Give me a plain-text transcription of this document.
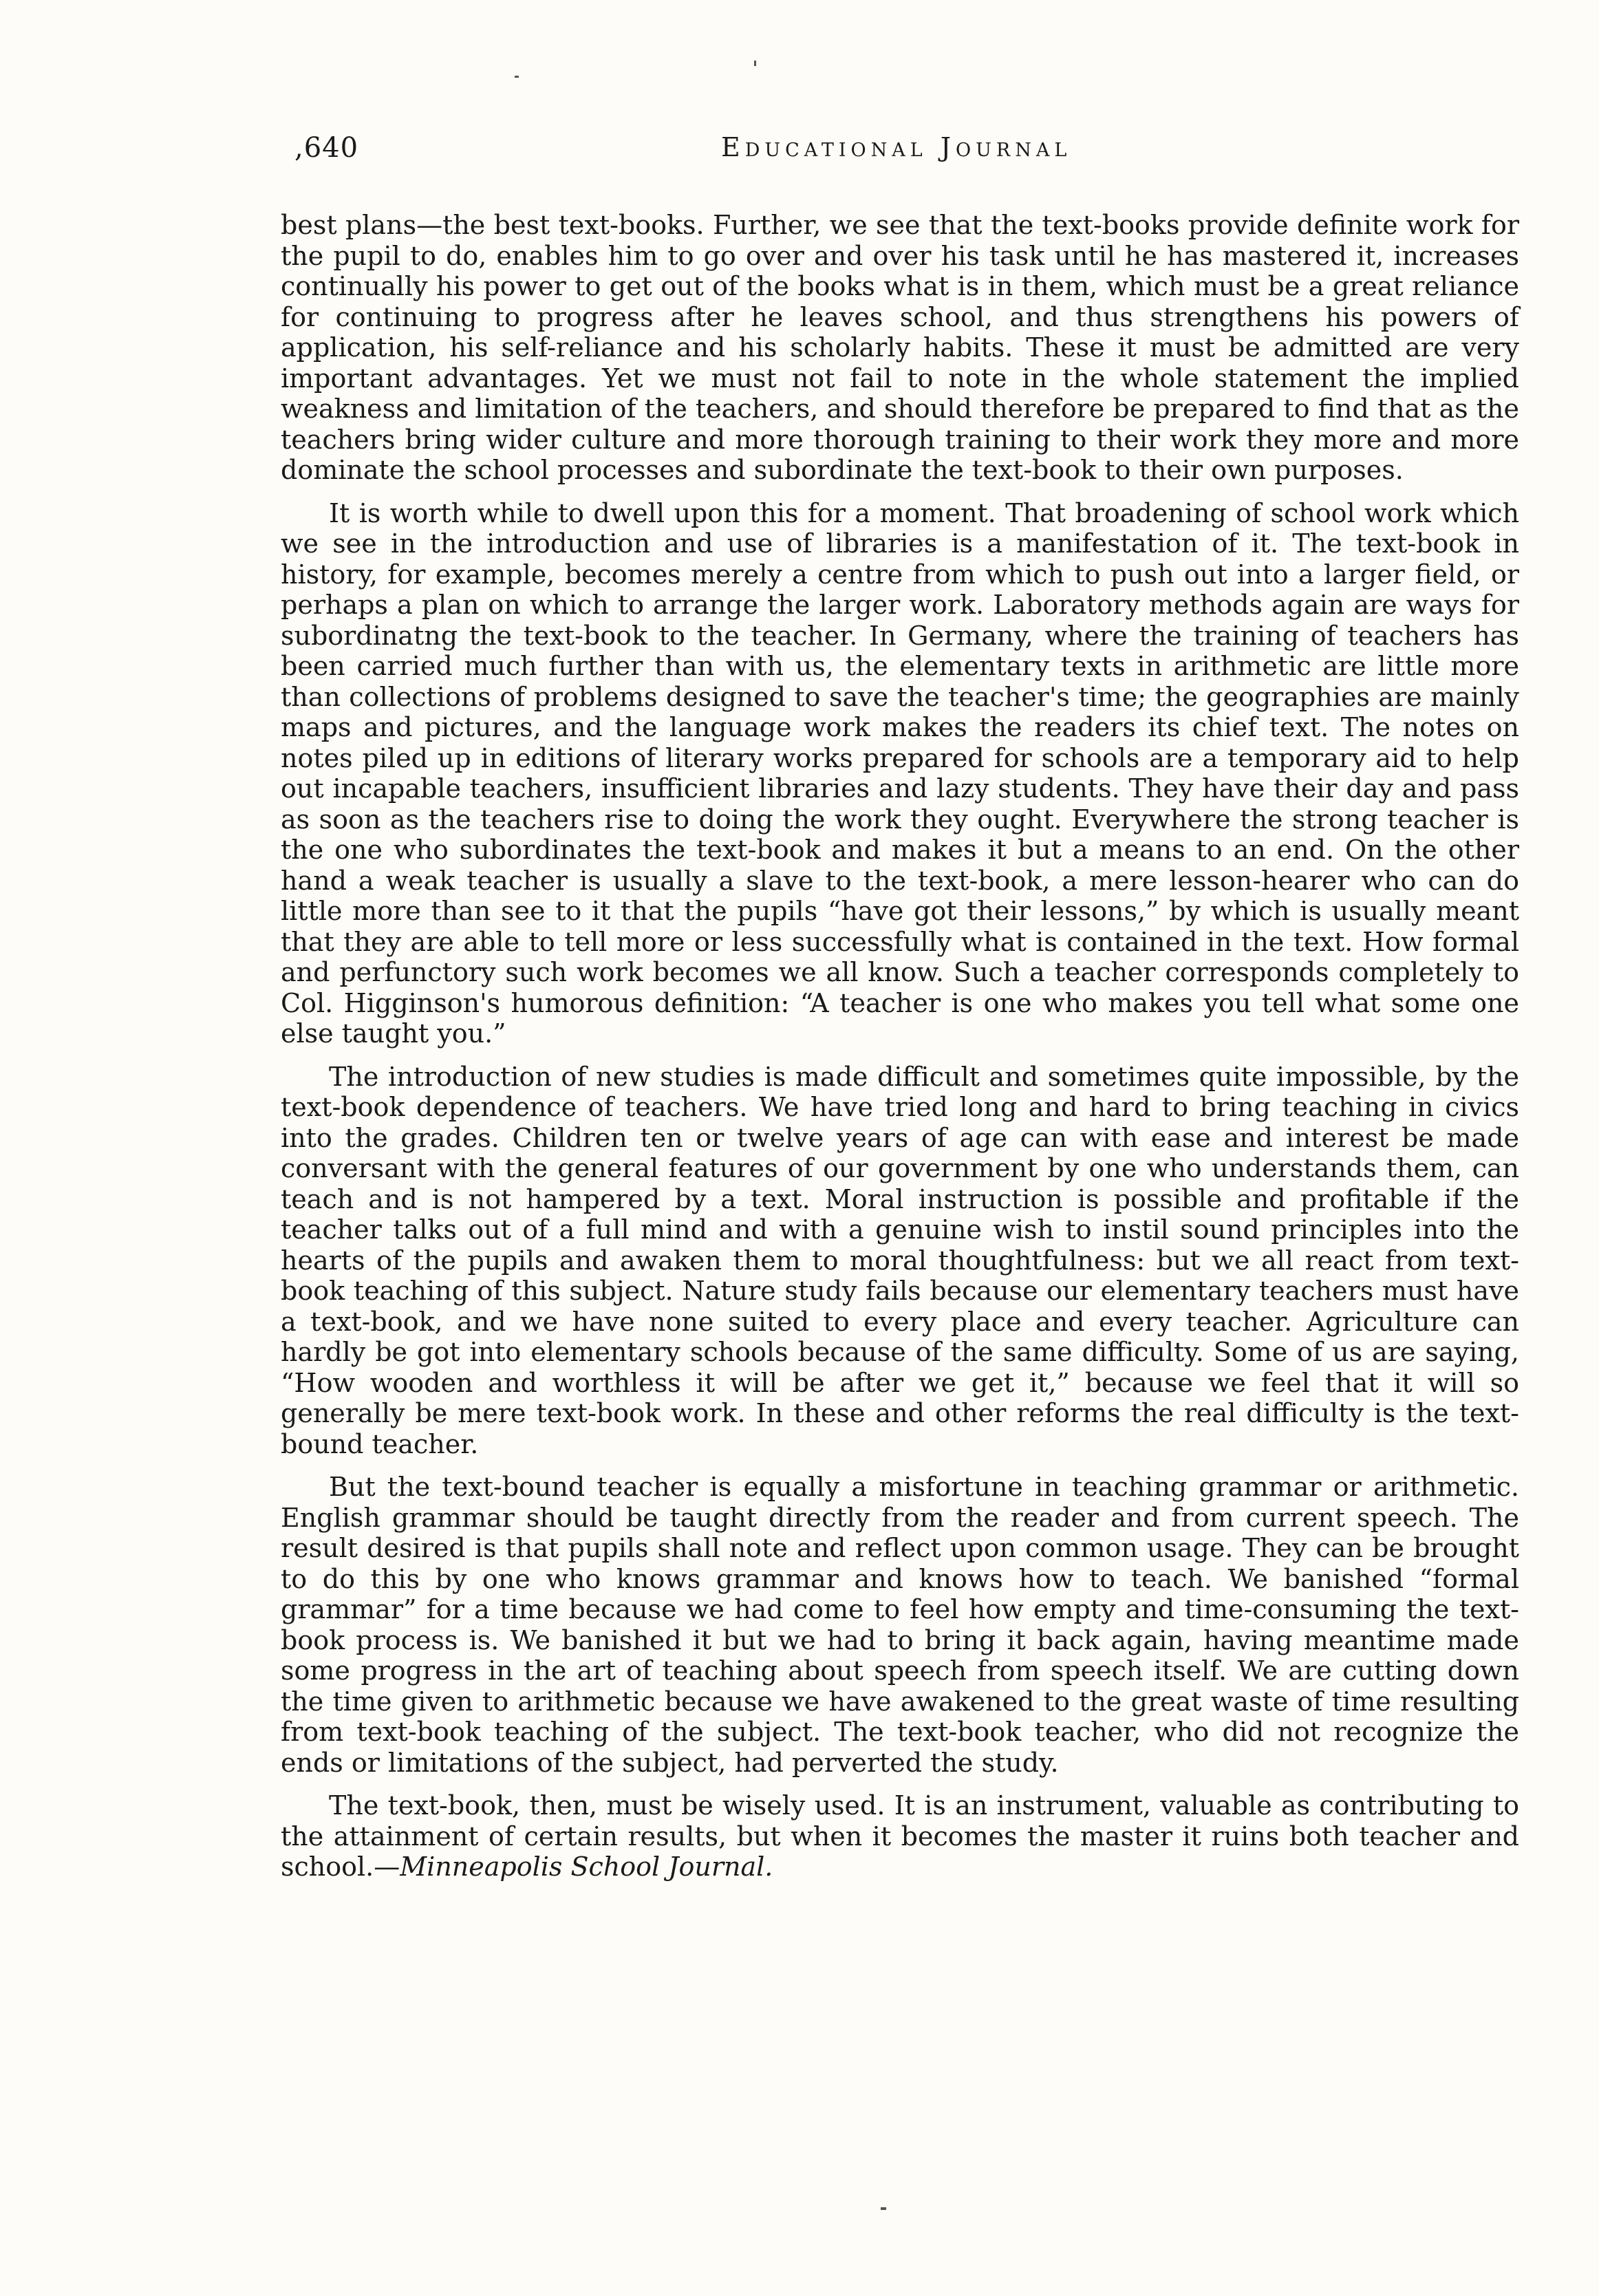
,640	Educational Journal

best plans—the best text-books. Further, we see that the text-books provide definite work for the pupil to do, enables him to go over and over his task until he has mastered it, increases continually his power to get out of the books what is in them, which must be a great reliance for continuing to progress after he leaves school, and thus strengthens his powers of application, his self-reliance and his scholarly habits. These it must be admitted are very important advantages. Yet we must not fail to note in the whole statement the implied weakness and limitation of the teachers, and should therefore be prepared to find that as the teachers bring wider culture and more thorough training to their work they more and more dominate the school processes and subordinate the text-book to their own purposes.

It is worth while to dwell upon this for a moment. That broadening of school work which we see in the introduction and use of libraries is a manifestation of it. The text-book in history, for example, becomes merely a centre from which to push out into a larger field, or perhaps a plan on which to arrange the larger work. Laboratory methods again are ways for subordinatng the text-book to the teacher. In Germany, where the training of teachers has been carried much further than with us, the elementary texts in arithmetic are little more than collections of problems designed to save the teacher's time; the geographies are mainly maps and pictures, and the language work makes the readers its chief text. The notes on notes piled up in editions of literary works prepared for schools are a temporary aid to help out incapable teachers, insufficient libraries and lazy students. They have their day and pass as soon as the teachers rise to doing the work they ought. Everywhere the strong teacher is the one who subordinates the text-book and makes it but a means to an end. On the other hand a weak teacher is usually a slave to the text-book, a mere lesson-hearer who can do little more than see to it that the pupils “have got their lessons,” by which is usually meant that they are able to tell more or less successfully what is contained in the text. How formal and perfunctory such work becomes we all know. Such a teacher corresponds completely to Col. Higginson's humorous definition: “A teacher is one who makes you tell what some one else taught you.”

The introduction of new studies is made difficult and sometimes quite impossible, by the text-book dependence of teachers. We have tried long and hard to bring teaching in civics into the grades. Children ten or twelve years of age can with ease and interest be made conversant with the general features of our government by one who understands them, can teach and is not hampered by a text. Moral instruction is possible and profitable if the teacher talks out of a full mind and with a genuine wish to instil sound principles into the hearts of the pupils and awaken them to moral thoughtfulness: but we all react from text-book teaching of this subject. Nature study fails because our elementary teachers must have a text-book, and we have none suited to every place and every teacher. Agriculture can hardly be got into elementary schools because of the same difficulty. Some of us are saying, “How wooden and worthless it will be after we get it,” because we feel that it will so generally be mere text-book work. In these and other reforms the real difficulty is the text-bound teacher.

But the text-bound teacher is equally a misfortune in teaching grammar or arithmetic. English grammar should be taught directly from the reader and from current speech. The result desired is that pupils shall note and reflect upon common usage. They can be brought to do this by one who knows grammar and knows how to teach. We banished “formal grammar” for a time because we had come to feel how empty and time-consuming the text-book process is. We banished it but we had to bring it back again, having meantime made some progress in the art of teaching about speech from speech itself. We are cutting down the time given to arithmetic because we have awakened to the great waste of time resulting from text-book teaching of the subject. The text-book teacher, who did not recognize the ends or limitations of the subject, had perverted the study.

The text-book, then, must be wisely used. It is an instrument, valuable as contributing to the attainment of certain results, but when it becomes the master it ruins both teacher and school.—Minneapolis School Journal.
